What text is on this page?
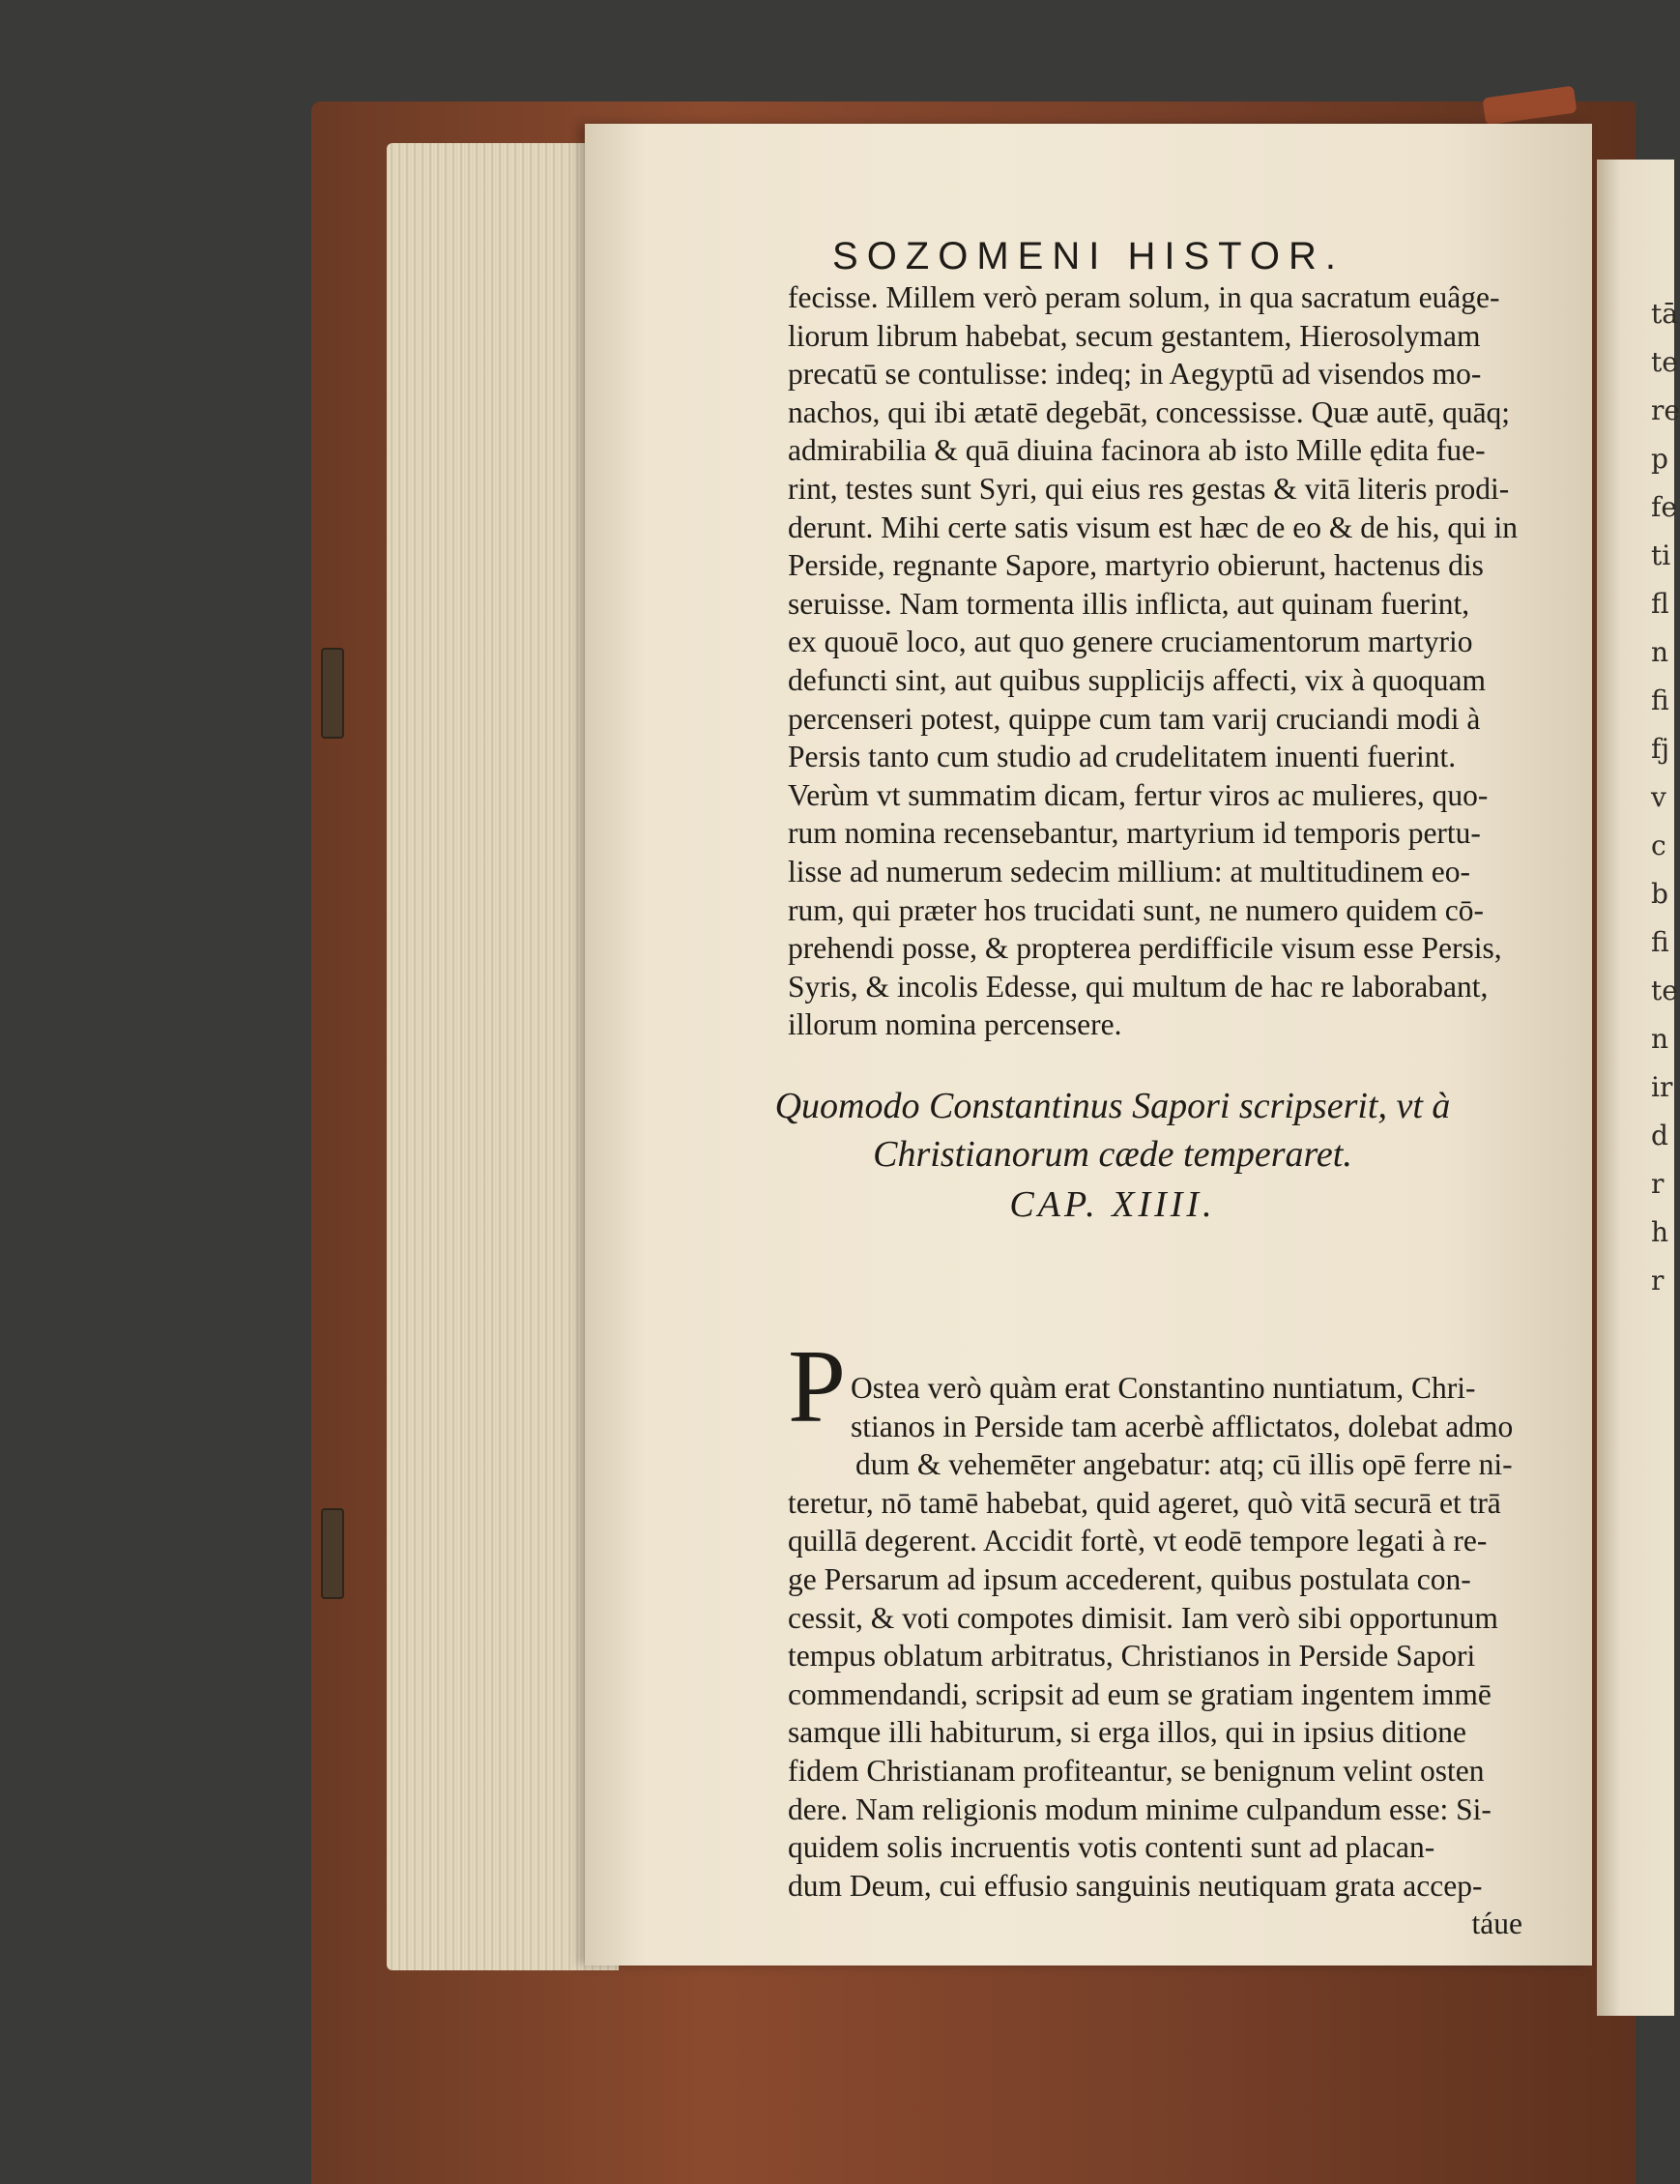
tā
te
re
p
fe
ti
fl
n
fi
fj
v
c
b
fi
te
n
ir
d
r
h
r
SOZOMENI HISTOR.
fecisse. Millem verò peram solum, in qua sacratum euâge-
liorum librum habebat, secum gestantem, Hierosolymam
precatū se contulisse: indeq; in Aegyptū ad visendos mo-
nachos, qui ibi ætatē degebāt, concessisse. Quæ autē, quāq;
admirabilia & quā diuina facinora ab isto Mille ędita fue-
rint, testes sunt Syri, qui eius res gestas & vitā literis prodi-
derunt. Mihi certe satis visum est hæc de eo & de his, qui in
Perside, regnante Sapore, martyrio obierunt, hactenus dis
seruisse. Nam tormenta illis inflicta, aut quinam fuerint,
ex quouē loco, aut quo genere cruciamentorum martyrio
defuncti sint, aut quibus supplicijs affecti, vix à quoquam
percenseri potest, quippe cum tam varij cruciandi modi à
Persis tanto cum studio ad crudelitatem inuenti fuerint.
Verùm vt summatim dicam, fertur viros ac mulieres, quo-
rum nomina recensebantur, martyrium id temporis pertu-
lisse ad numerum sedecim millium: at multitudinem eo-
rum, qui præter hos trucidati sunt, ne numero quidem cō-
prehendi posse, & propterea perdifficile visum esse Persis,
Syris, & incolis Edesse, qui multum de hac re laborabant,
illorum nomina percensere.
Quomodo Constantinus Sapori scripserit, vt à
Christianorum cæde temperaret.
CAP. XIIII.
P Ostea verò quàm erat Constantino nuntiatum, Chri-
stianos in Perside tam acerbè afflictatos, dolebat admo
dum & vehemēter angebatur: atq; cū illis opē ferre ni-
teretur, nō tamē habebat, quid ageret, quò vitā securā et trā
quillā degerent. Accidit fortè, vt eodē tempore legati à re-
ge Persarum ad ipsum accederent, quibus postulata con-
cessit, & voti compotes dimisit. Iam verò sibi opportunum
tempus oblatum arbitratus, Christianos in Perside Sapori
commendandi, scripsit ad eum se gratiam ingentem immē
samque illi habiturum, si erga illos, qui in ipsius ditione
fidem Christianam profiteantur, se benignum velint osten
dere. Nam religionis modum minime culpandum esse: Si-
quidem solis incruentis votis contenti sunt ad placan-
dum Deum, cui effusio sanguinis neutiquam grata accep-
táue
